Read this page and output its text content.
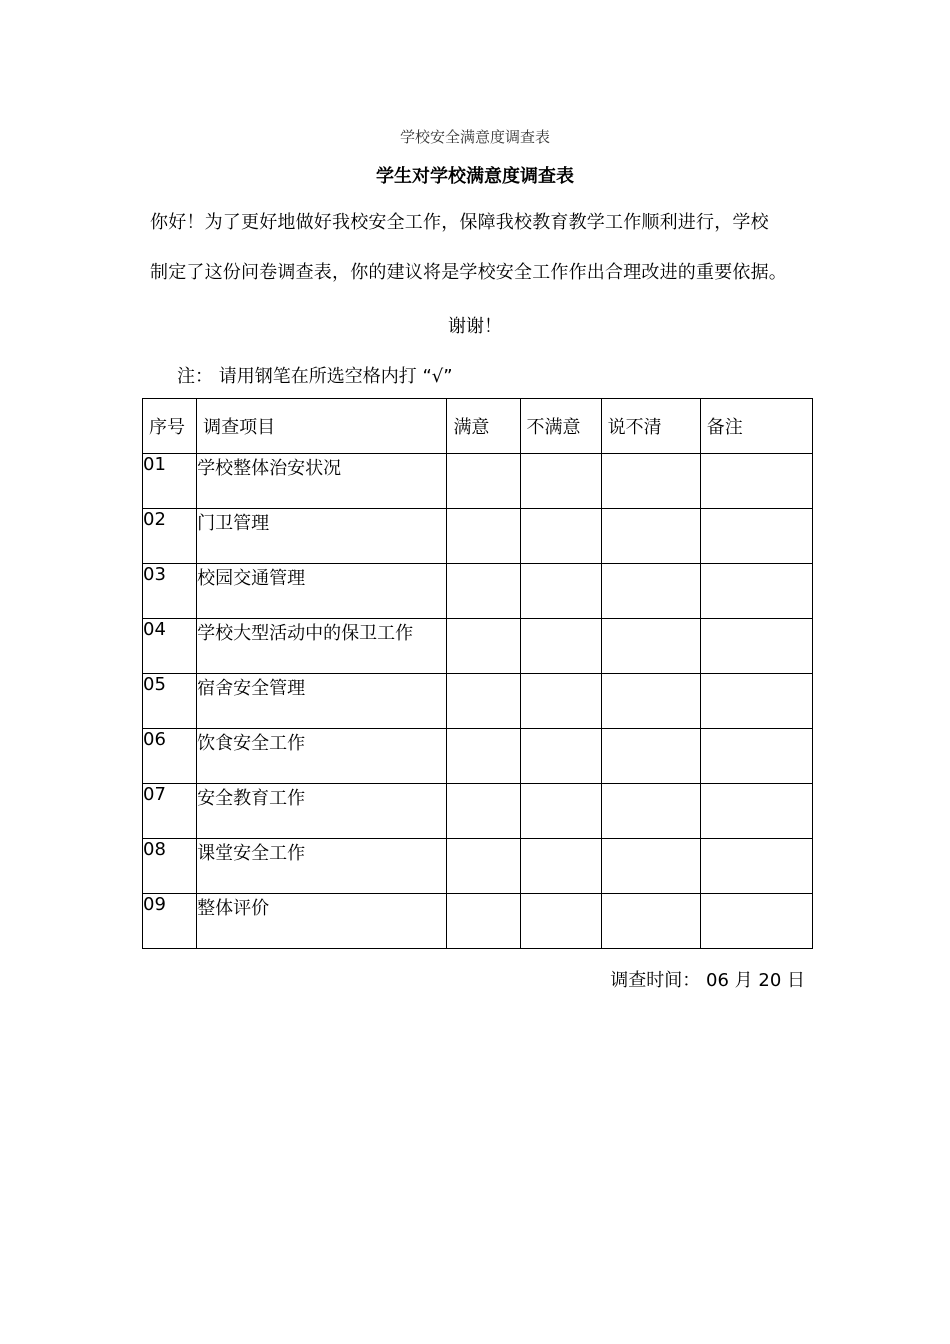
学校安全满意度调查表
学生对学校满意度调查表
你好！为了更好地做好我校安全工作，保障我校教育教学工作顺利进行，学校
制定了这份问卷调查表，你的建议将是学校安全工作作出合理改进的重要依据。
谢谢！
注： 请用钢笔在所选空格内打 “√”
序号	调查项目	满意	不满意	说不清	备注
01	学校整体治安状况				
02	门卫管理				
03	校园交通管理				
04	学校大型活动中的保卫工作				
05	宿舍安全管理				
06	饮食安全工作				
07	安全教育工作				
08	课堂安全工作				
09	整体评价				
调查时间： 06 月 20 日
